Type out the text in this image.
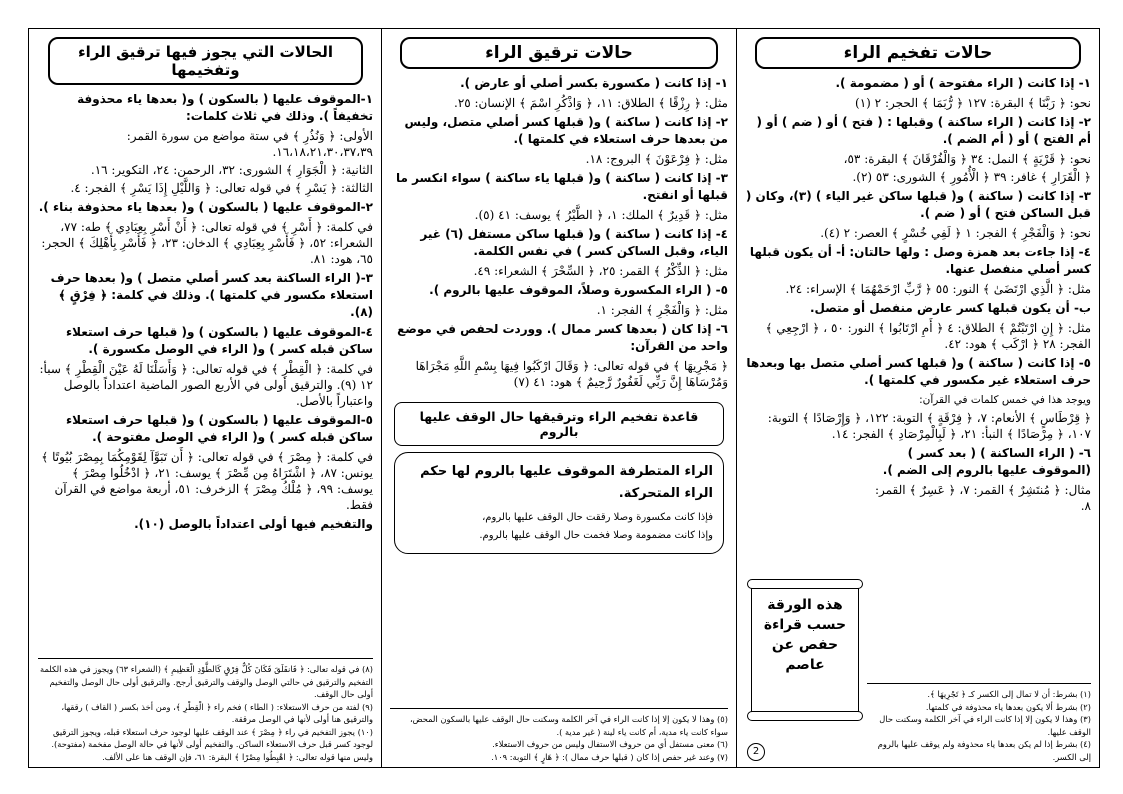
حالات تفخيم الراء
١- إذا كانت ( الراء مفتوحة ) أو ( مضمومة ).
نحو: ﴿ رَبَّنَا ﴾ البقرة: ١٢٧ ﴿ رُّبَمَا ﴾ الحجر: ٢ (١)
٢- إذا كانت ( الراء ساكنة ) وقبلها : ( فتح ) أو ( ضم ) أو ( أم الفتح ) أو ( أم الضم ).
نحو: ﴿ قَرْيَةٍ ﴾ النمل: ٣٤ ﴿ وَالْفُرْقَانَ ﴾ البقرة: ٥٣،
﴿ الْقَرَارِ ﴾ غافر: ٣٩ ﴿ الْأُمُورِ ﴾ الشورى: ٥٣ (٢).
٣- إذا كانت ( ساكنة ) و( قبلها ساكن غير الياء ) (٣)، وكان ( قبل الساكن فتح ) أو ( ضم ).
نحو: ﴿ وَالْفَجْرِ ﴾ الفجر: ١ ﴿ لَفِي خُسْرٍ ﴾ العصر: ٢ (٤).
٤- إذا جاءت بعد همزة وصل : ولها حالتان: أ- أن يكون قبلها كسر أصلي منفصل عنها.
مثل: ﴿ الَّذِي ارْتَضَىٰ ﴾ النور: ٥٥ ﴿ رَّبِّ ارْحَمْهُمَا ﴾ الإسراء: ٢٤.
ب- أن يكون قبلها كسر عارض منفصل أو متصل.
مثل: ﴿ إِنِ ارْتَبْتُمْ ﴾ الطلاق: ٤ ﴿ أَمِ ارْتَابُوا ﴾ النور: ٥٠ ، ﴿ ارْجِعِي ﴾ الفجر: ٢٨ ﴿ ارْكَب ﴾ هود: ٤٢.
٥- إذا كانت ( ساكنة ) و( قبلها كسر أصلي متصل بها وبعدها حرف استعلاء غير مكسور في كلمتها ).
ويوجد هذا في خمس كلمات في القرآن:
﴿ قِرْطَاسٍ ﴾ الأنعام: ٧، ﴿ فِرْقَةٍ ﴾ التوبة: ١٢٢، ﴿ وَإِرْصَادًا ﴾ التوبة: ١٠٧، ﴿ مِرْصَادًا ﴾ النبأ: ٢١، ﴿ لَبِالْمِرْصَادِ ﴾ الفجر: ١٤.
٦- ( الراء الساكنة ) ( بعد كسر ) (الموقوف عليها بالروم إلى الضم ).
مثال: ﴿ مُنتَشِرٌ ﴾ القمر: ٧، ﴿ عَسِرٌ ﴾ القمر: ٨.
هذه الورقة حسب قراءة حفص عن عاصم
(١) بشرط: أن لا تمال إلى الكسر كـ ﴿ تَجْرِيهَا ﴾.
(٢) بشرط ألا يكون بعدها ياء محذوفة في كلمتها.
(٣) وهذا لا يكون إلا إذا كانت الراء في آخر الكلمة وسكنت حال الوقف عليها.
(٤) بشرط إذا لم يكن بعدها ياء محذوفة ولم يوقف عليها بالروم إلى الكسر.
2
حالات ترقيق الراء
١- إذا كانت ( مكسورة بكسر أصلي أو عارض ).
مثل: ﴿ رِزْقًا ﴾ الطلاق: ١١، ﴿ وَاذْكُرِ اسْمَ ﴾ الإنسان: ٢٥.
٢- إذا كانت ( ساكنة ) و( قبلها كسر أصلي متصل، وليس من بعدها حرف استعلاء في كلمتها ).
مثل: ﴿ فِرْعَوْنَ ﴾ البروج: ١٨.
٣- إذا كانت ( ساكنة ) و( قبلها ياء ساكنة ) سواء انكسر ما قبلها أو انفتح.
مثل: ﴿ قَدِيرٌ ﴾ الملك: ١، ﴿ الطَّيْرُ ﴾ يوسف: ٤١ (٥).
٤- إذا كانت ( ساكنة ) و( قبلها ساكن مستفل (٦) غير الياء، وقبل الساكن كسر ) في نفس الكلمة.
مثل: ﴿ الذِّكْرُ ﴾ القمر: ٢٥، ﴿ السِّحْرَ ﴾ الشعراء: ٤٩.
٥- ( الراء المكسورة وصلاً، الموقوف عليها بالروم ).
مثل: ﴿ وَالْفَجْرِ ﴾ الفجر: ١.
٦- إذا كان ( بعدها كسر ممال ). ووردت لحفص في موضع واحد من القرآن:
﴿ مَجْرِيهَا ﴾ في قوله تعالى: ﴿ وَقَالَ ارْكَبُوا فِيهَا بِسْمِ اللَّهِ مَجْرَاهَا وَمُرْسَاهَا إِنَّ رَبِّي لَغَفُورٌ رَّحِيمٌ ﴾ هود: ٤١ (٧)
قاعدة تفخيم الراء وترقيقها حال الوقف عليها بالروم
الراء المتطرفة الموقوف عليها بالروم لها حكم الراء المتحركة.
فإذا كانت مكسورة وصلا رققت حال الوقف عليها بالروم،
وإذا كانت مضمومة وصلا فخمت حال الوقف عليها بالروم.
(٥) وهذا لا يكون إلا إذا كانت الراء في آخر الكلمة وسكنت حال الوقف عليها بالسكون المحض، سواء كانت ياء مدية، أم كانت ياء لينة ( غير مدية ).
(٦) معنى مستفل أي من حروف الاستفال وليس من حروف الاستعلاء.
(٧) وعند غير حفص إذا كان ( قبلها حرف ممال ): ﴿ هَارٍ ﴾ التوبة: ١٠٩.
الحالات التي يجوز فيها ترقيق الراء وتفخيمها
١-الموقوف عليها ( بالسكون ) و( بعدها ياء محذوفة تخفيفاً ). وذلك في ثلاث كلمات:
الأولى: ﴿ وَنُذُرِ ﴾ في ستة مواضع من سورة القمر: ١٦،١٨،٢١،٣٠،٣٧،٣٩.
الثانية: ﴿ الْجَوَارِ ﴾ الشورى: ٣٢، الرحمن: ٢٤، التكوير: ١٦.
الثالثة: ﴿ يَسْرِ ﴾ في قوله تعالى: ﴿ وَاللَّيْلِ إِذَا يَسْرِ ﴾ الفجر: ٤.
٢-الموقوف عليها ( بالسكون ) و( بعدها ياء محذوفة بناء ).
في كلمة: ﴿ أَسْرِ ﴾ في قوله تعالى: ﴿ أَنْ أَسْرِ بِعِبَادِي ﴾ طه: ٧٧، الشعراء: ٥٢، ﴿ فَأَسْرِ بِعِبَادِي ﴾ الدخان: ٢٣، ﴿ فَأَسْرِ بِأَهْلِكَ ﴾ الحجر: ٦٥، هود: ٨١.
٣-( الراء الساكنة بعد كسر أصلي متصل ) و( بعدها حرف استعلاء مكسور في كلمتها ). وذلك في كلمة: ﴿ فِرْقٍ ﴾ (٨).
٤-الموقوف عليها ( بالسكون ) و( قبلها حرف استعلاء ساكن قبله كسر ) و( الراء في الوصل مكسورة ).
في كلمة: ﴿ الْقِطْرِ ﴾ في قوله تعالى: ﴿ وَأَسَلْنَا لَهُ عَيْنَ الْقِطْرِ ﴾ سبأ: ١٢ (٩). والترقيق أولى في الأربع الصور الماضية اعتداداً بالوصل واعتباراً بالأصل.
٥-الموقوف عليها ( بالسكون ) و( قبلها حرف استعلاء ساكن قبله كسر ) و( الراء في الوصل مفتوحة ).
في كلمة: ﴿ مِصْرَ ﴾ في قوله تعالى: ﴿ أَن تَبَوَّآ لِقَوْمِكُمَا بِمِصْرَ بُيُوتًا ﴾ يونس: ٨٧، ﴿ اشْتَرَاهُ مِن مِّصْرَ ﴾ يوسف: ٢١، ﴿ ادْخُلُوا مِصْرَ ﴾ يوسف: ٩٩، ﴿ مُلْكُ مِصْرَ ﴾ الزخرف: ٥١، أربعة مواضع في القرآن فقط.
والتفخيم فيها أولى اعتداداً بالوصل (١٠).
(٨) في قوله تعالى: ﴿ فَانفَلَقَ فَكَانَ كُلُّ فِرْقٍ كَالطَّوْدِ الْعَظِيمِ ﴾ (الشعراء ٦٣) ويجوز في هذه الكلمة التفخيم والترقيق في حالتي الوصل والوقف والترقيق أرجح. والترقيق أولى حال الوصل والتفخيم أولى حال الوقف.
(٩) لفتة من حرف الاستعلاء: ( الطاء ) فخم راء ﴿ الْقِطْرِ ﴾، ومن أخذ بكسر ( القاف ) رققها، والترقيق هنا أولى لأنها في الوصل مرققة.
(١٠) يجوز التفخيم في راء ﴿ مِصْرَ ﴾ عند الوقف عليها لوجود حرف استعلاء قبله، ويجوز الترقيق لوجود كسر قبل حرف الاستعلاء الساكن. والتفخيم أولى لأنها في حالة الوصل مفخمة (مفتوحة). وليس منها قوله تعالى: ﴿ اهْبِطُوا مِصْرًا ﴾ البقرة: ٦١، فإن الوقف هنا على الألف.
